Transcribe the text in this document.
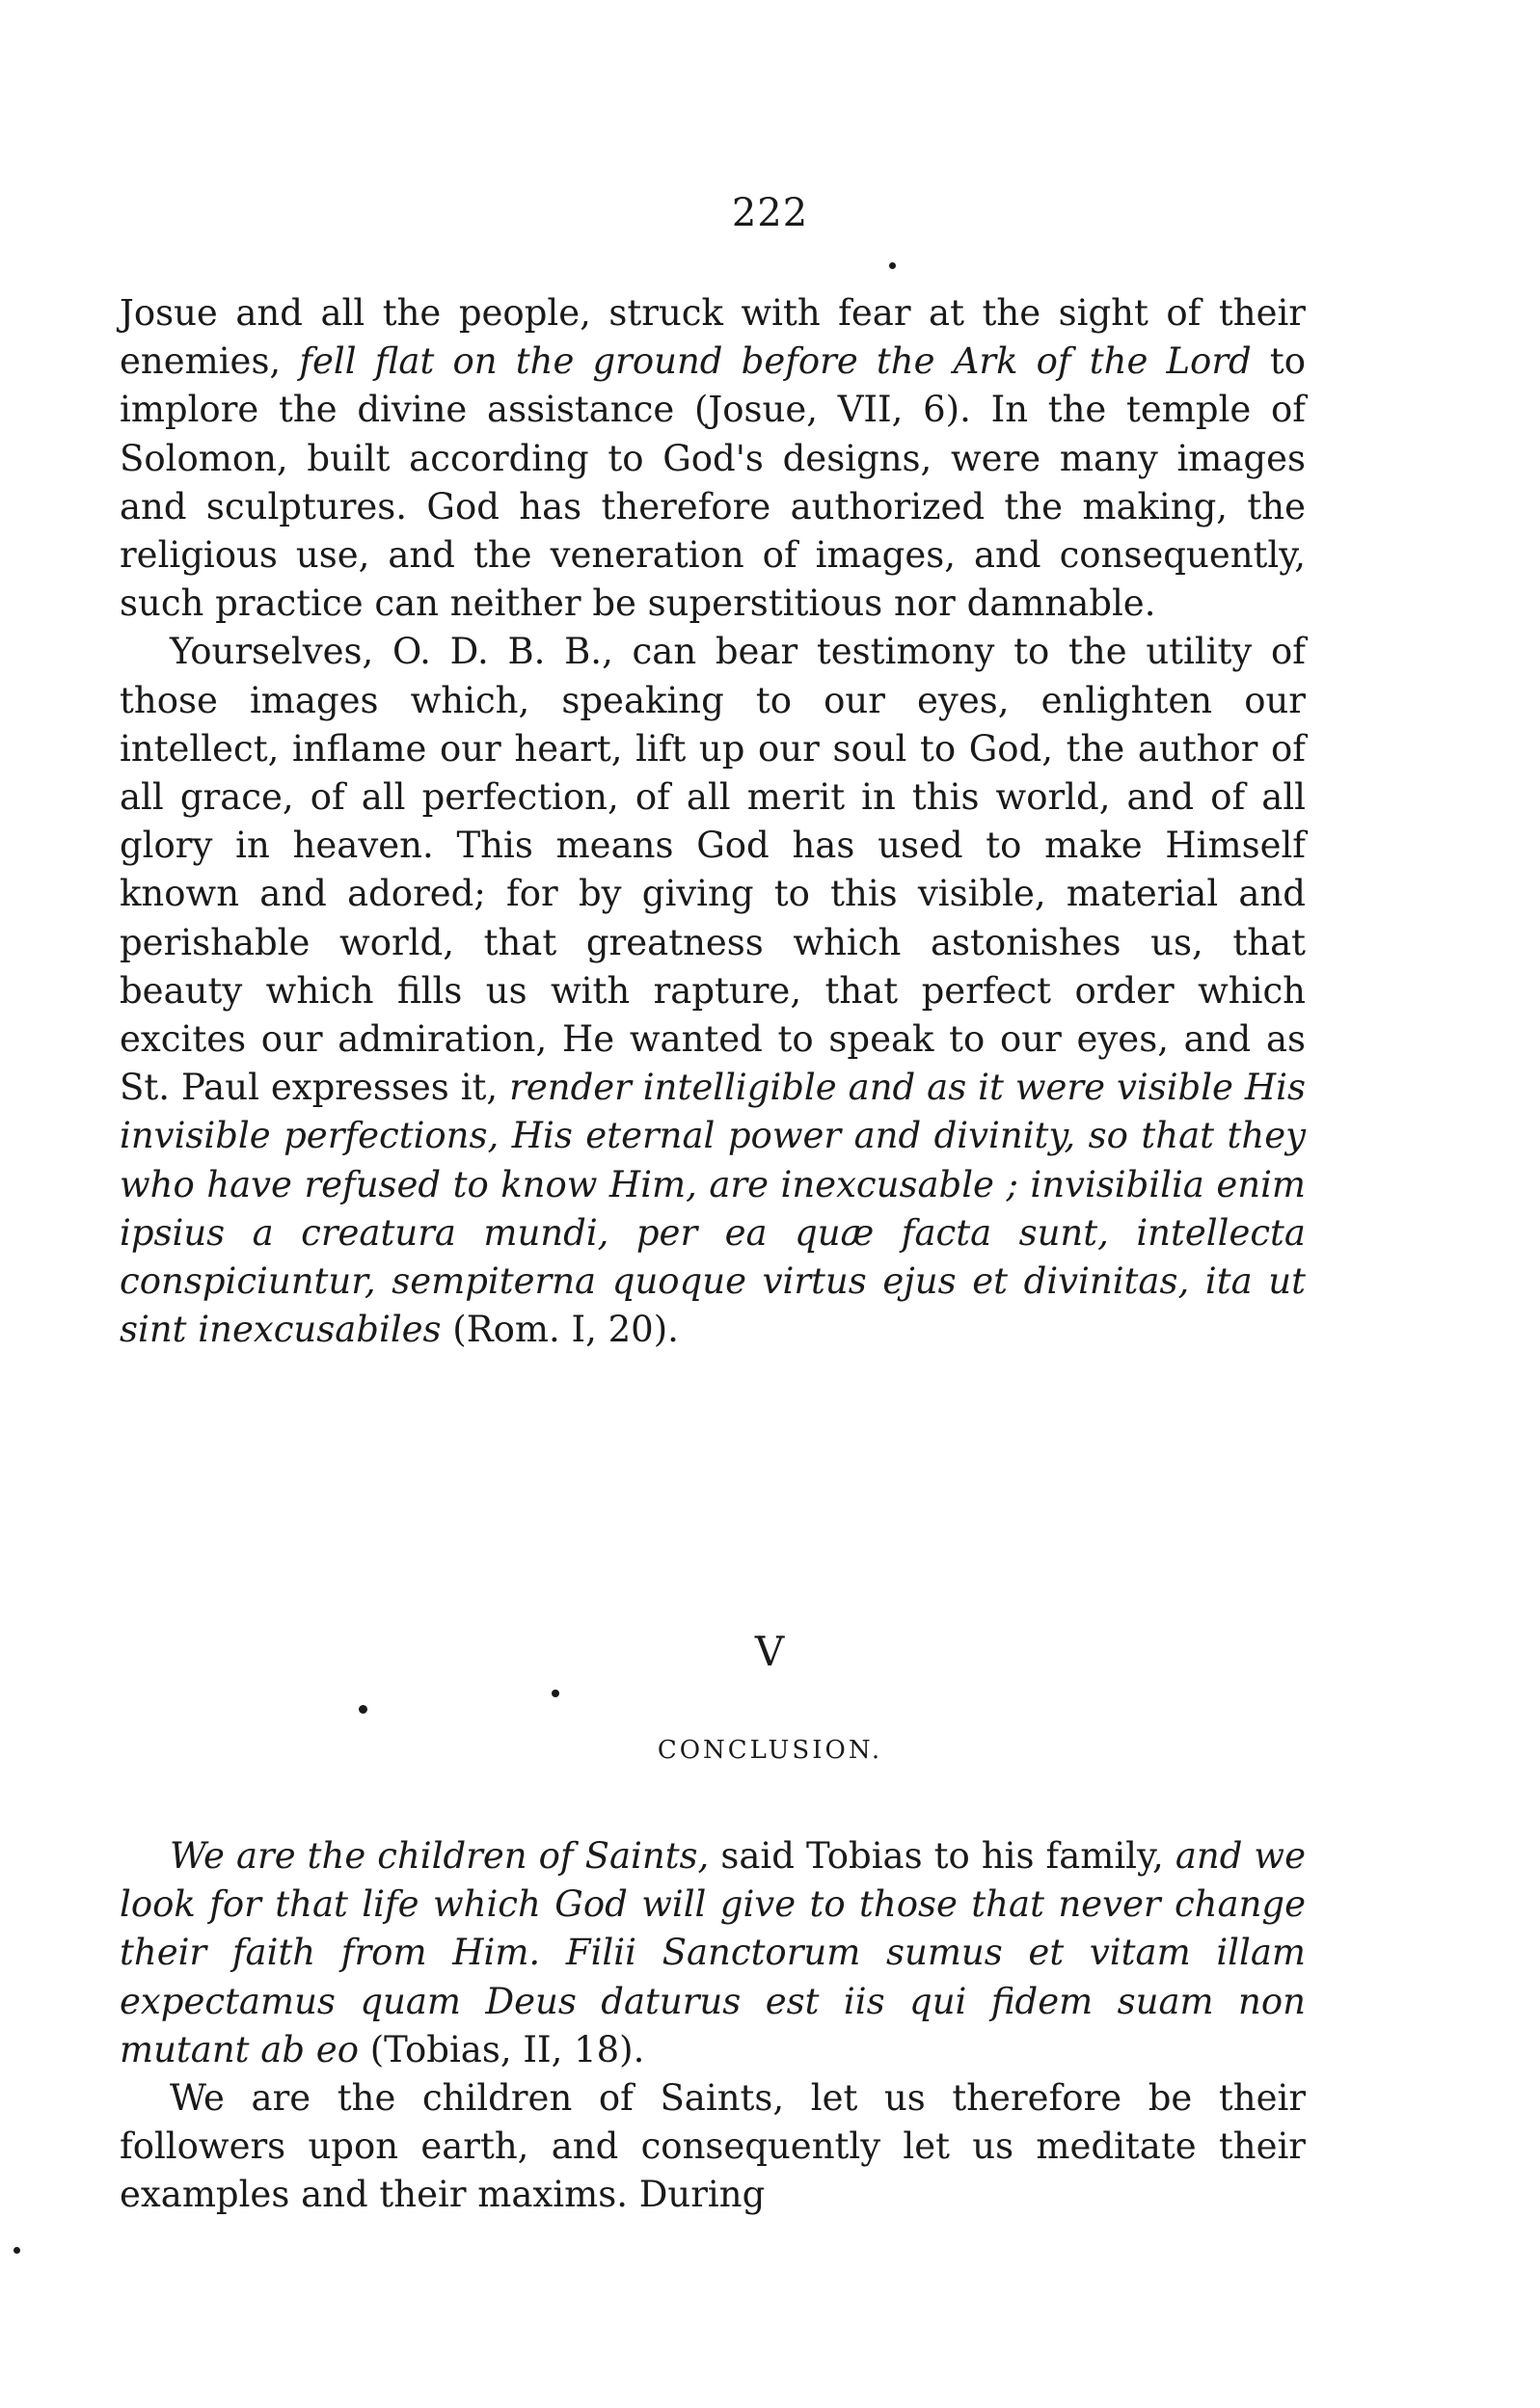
222

Josue and all the people, struck with fear at the sight of their enemies, fell flat on the ground before the Ark of the Lord to implore the divine assistance (Josue, VII, 6). In the temple of Solomon, built according to God's designs, were many images and sculptures. God has therefore authorized the making, the religious use, and the veneration of images, and consequently, such practice can neither be superstitious nor damnable.

Yourselves, O. D. B. B., can bear testimony to the utility of those images which, speaking to our eyes, enlighten our intellect, inflame our heart, lift up our soul to God, the author of all grace, of all perfection, of all merit in this world, and of all glory in heaven. This means God has used to make Himself known and adored; for by giving to this visible, material and perishable world, that greatness which astonishes us, that beauty which fills us with rapture, that perfect order which excites our admiration, He wanted to speak to our eyes, and as St. Paul expresses it, render intelligible and as it were visible His invisible perfections, His eternal power and divinity, so that they who have refused to know Him, are inexcusable ; invisibilia enim ipsius a creatura mundi, per ea quæ facta sunt, intellecta conspiciuntur, sempiterna quoque virtus ejus et divinitas, ita ut sint inexcusabiles (Rom. I, 20).

V
CONCLUSION.

We are the children of Saints, said Tobias to his family, and we look for that life which God will give to those that never change their faith from Him. Filii Sanctorum sumus et vitam illam expectamus quam Deus daturus est iis qui fidem suam non mutant ab eo (Tobias, II, 18).

We are the children of Saints, let us therefore be their followers upon earth, and consequently let us meditate their examples and their maxims. During
